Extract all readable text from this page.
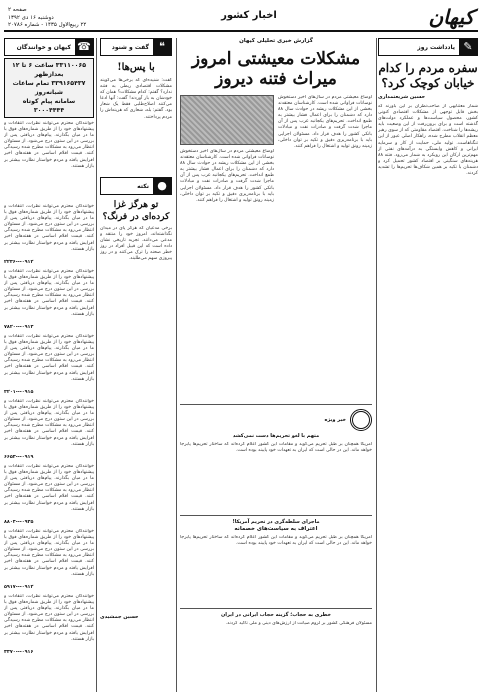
کیهان
اخبار کشور
صفحه ۲
دوشنبه ۱۶ دی ۱۳۹۲
۲۲ ربیع‌الاول ۱۴۳۵ - شماره ۲۰۷۸۶
✎
یادداشت روز
سفره مردم را کدام خیابان کوچک کرد؟
حسین شریعتمداری
شمار معتنابهی از صاحب‌نظران بر این باورند که بخش قابل توجهی از مشکلات اقتصادی کنونی کشور، محصول سیاست‌ها و عملکرد دولت‌های گذشته است و برای برون‌رفت از این وضعیت باید ریشه‌ها را شناخت. اقتصاد مقاومتی که از سوی رهبر معظم انقلاب مطرح شده، راهکار اصلی عبور از این تنگناهاست. تولید ملی، حمایت از کار و سرمایه ایرانی و کاهش وابستگی به درآمدهای نفتی از مهم‌ترین ارکان این رویکرد به شمار می‌رود. فتنه ۸۸ هزینه‌های سنگینی بر اقتصاد کشور تحمیل کرد و دشمنان با تکیه بر همین شکاف‌ها تحریم‌ها را تشدید کردند.
گزارش خبری تحلیلی کیهان
مشکلات معیشتی امروز میراث فتنه دیروز
اوضاع معیشتی مردم در سال‌های اخیر دستخوش نوسانات فراوانی شده است. کارشناسان معتقدند بخشی از این مشکلات ریشه در حوادث سال ۸۸ دارد که دشمنان را برای اعمال فشار بیشتر به طمع انداخت. تحریم‌های یکجانبه غرب پس از آن ماجرا شدت گرفت و صادرات نفت و مبادلات بانکی کشور را هدف قرار داد. مسئولان اجرایی باید با برنامه‌ریزی دقیق و تکیه بر توان داخلی، زمینه رونق تولید و اشتغال را فراهم کنند.
اوضاع معیشتی مردم در سال‌های اخیر دستخوش نوسانات فراوانی شده است. کارشناسان معتقدند بخشی از این مشکلات ریشه در حوادث سال ۸۸ دارد که دشمنان را برای اعمال فشار بیشتر به طمع انداخت. تحریم‌های یکجانبه غرب پس از آن ماجرا شدت گرفت و صادرات نفت و مبادلات بانکی کشور را هدف قرار داد. مسئولان اجرایی باید با برنامه‌ریزی دقیق و تکیه بر توان داخلی، زمینه رونق تولید و اشتغال را فراهم کنند.
خبر ویژه
متهم با لغو تحریم‌ها دست نمی‌کشد
آمریکا همچنان بر طبل تحریم می‌کوبد و مقامات این کشور اعلام کرده‌اند که ساختار تحریم‌ها پابرجا خواهد ماند. این در حالی است که ایران به تعهدات خود پایبند بوده است.
ماجرای سلطه‌گری در تحریم آمریکا!
اعتراف به سیاست‌های خصمانه
آمریکا همچنان بر طبل تحریم می‌کوبد و مقامات این کشور اعلام کرده‌اند که ساختار تحریم‌ها پابرجا خواهد ماند. این در حالی است که ایران به تعهدات خود پایبند بوده است.
خطری به حجاب؛ گزینه حجاب ایرانی در ایران
مسئولان فرهنگی کشور بر لزوم صیانت از ارزش‌های دینی و ملی تأکید کردند.
❝
گفت و شنود
با پس‌ها!
گفت: شنیده‌ای که برخی‌ها می‌گویند مشکلات اقتصادی ربطی به فتنه ندارد؟ گفتم: کدام مشکلات؟ همان که خودشان به بار آوردند! گفت: آنها ادعا می‌کنند اصلاح‌طلبی فقط یک شعار بود. گفتم: بله، شعاری که هزینه‌اش را مردم پرداختند.
●
نکته
تو هرگز غزا کرده‌ای در فرنگ؟
برخی مدعیان که هرگز پای در میدان نگذاشته‌اند، امروز خود را منتقد و مدعی می‌دانند. تجربه تاریخی نشان داده است که این قبیل افراد در روز خطر صحنه را ترک می‌کنند و در روز پیروزی سهم می‌طلبند.
حسین جمشیدی
☎
کیهان و خوانندگان
۳۳۱۱۰۰۶۵ ساعت ۶ تا ۱۲ بعدازظهر
۳۳۹۱۶۵۴۳۷ تمام ساعات شبانه‌روز
سامانه پیام کوتاه ۳۰۰۰۴۴۴۴
خوانندگان محترم می‌توانند نظرات، انتقادات و پیشنهادهای خود را از طریق شماره‌های فوق با ما در میان بگذارند. پیام‌های دریافتی پس از بررسی در این ستون درج می‌شود. از مسئولان انتظار می‌رود به مشکلات مطرح شده رسیدگی کنند. قیمت اقلام اساسی در هفته‌های اخیر افزایش یافته و مردم خواستار نظارت بیشتر بر بازار هستند.
خوانندگان محترم می‌توانند نظرات، انتقادات و پیشنهادهای خود را از طریق شماره‌های فوق با ما در میان بگذارند. پیام‌های دریافتی پس از بررسی در این ستون درج می‌شود. از مسئولان انتظار می‌رود به مشکلات مطرح شده رسیدگی کنند. قیمت اقلام اساسی در هفته‌های اخیر افزایش یافته و مردم خواستار نظارت بیشتر بر بازار هستند.
۰۹۱۲---۲۲۳۶
خوانندگان محترم می‌توانند نظرات، انتقادات و پیشنهادهای خود را از طریق شماره‌های فوق با ما در میان بگذارند. پیام‌های دریافتی پس از بررسی در این ستون درج می‌شود. از مسئولان انتظار می‌رود به مشکلات مطرح شده رسیدگی کنند. قیمت اقلام اساسی در هفته‌های اخیر افزایش یافته و مردم خواستار نظارت بیشتر بر بازار هستند.
۰۹۱۳---۷۸۲۰
خوانندگان محترم می‌توانند نظرات، انتقادات و پیشنهادهای خود را از طریق شماره‌های فوق با ما در میان بگذارند. پیام‌های دریافتی پس از بررسی در این ستون درج می‌شود. از مسئولان انتظار می‌رود به مشکلات مطرح شده رسیدگی کنند. قیمت اقلام اساسی در هفته‌های اخیر افزایش یافته و مردم خواستار نظارت بیشتر بر بازار هستند.
۰۹۱۵---۴۲۰۱
خوانندگان محترم می‌توانند نظرات، انتقادات و پیشنهادهای خود را از طریق شماره‌های فوق با ما در میان بگذارند. پیام‌های دریافتی پس از بررسی در این ستون درج می‌شود. از مسئولان انتظار می‌رود به مشکلات مطرح شده رسیدگی کنند. قیمت اقلام اساسی در هفته‌های اخیر افزایش یافته و مردم خواستار نظارت بیشتر بر بازار هستند.
۰۹۱۹---۶۶۵۳
خوانندگان محترم می‌توانند نظرات، انتقادات و پیشنهادهای خود را از طریق شماره‌های فوق با ما در میان بگذارند. پیام‌های دریافتی پس از بررسی در این ستون درج می‌شود. از مسئولان انتظار می‌رود به مشکلات مطرح شده رسیدگی کنند. قیمت اقلام اساسی در هفته‌های اخیر افزایش یافته و مردم خواستار نظارت بیشتر بر بازار هستند.
۰۹۳۵---۸۸۰۴
خوانندگان محترم می‌توانند نظرات، انتقادات و پیشنهادهای خود را از طریق شماره‌های فوق با ما در میان بگذارند. پیام‌های دریافتی پس از بررسی در این ستون درج می‌شود. از مسئولان انتظار می‌رود به مشکلات مطرح شده رسیدگی کنند. قیمت اقلام اساسی در هفته‌های اخیر افزایش یافته و مردم خواستار نظارت بیشتر بر بازار هستند.
۰۹۱۲---۵۹۱۷
خوانندگان محترم می‌توانند نظرات، انتقادات و پیشنهادهای خود را از طریق شماره‌های فوق با ما در میان بگذارند. پیام‌های دریافتی پس از بررسی در این ستون درج می‌شود. از مسئولان انتظار می‌رود به مشکلات مطرح شده رسیدگی کنند. قیمت اقلام اساسی در هفته‌های اخیر افزایش یافته و مردم خواستار نظارت بیشتر بر بازار هستند.
۰۹۱۶---۳۳۷۰
